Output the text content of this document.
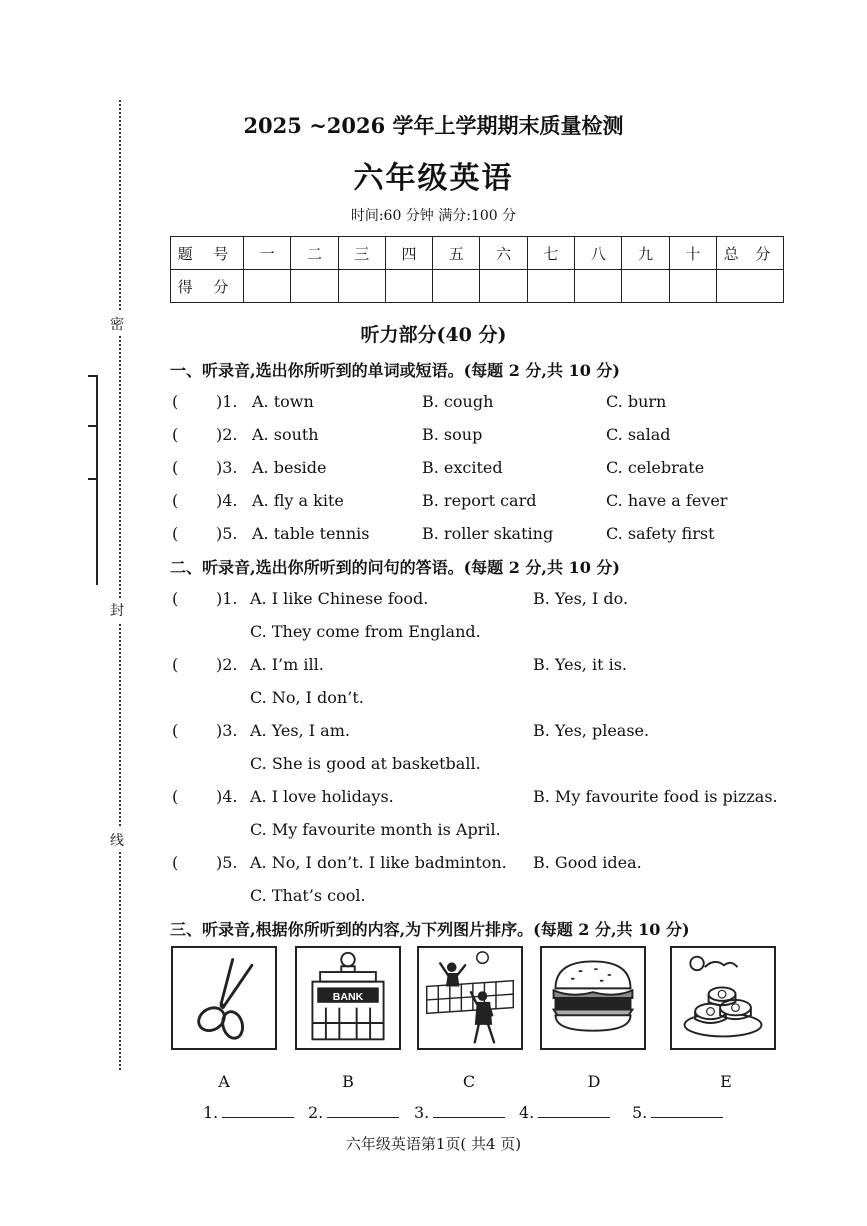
密
封
线
2025 ~2026 学年上学期期末质量检测
六年级英语
时间:60 分钟 满分:100 分
题 号	一	二	三	四	五	六	七	八	九	十	总 分
得 分											
听力部分(40 分)
一、听录音,选出你所听到的单词或短语。(每题 2 分,共 10 分)
( )1. A. town	B. cough	C. burn
( )2. A. south	B. soup	C. salad
( )3. A. beside	B. excited	C. celebrate
( )4. A. fly a kite	B. report card	C. have a fever
( )5. A. table tennis	B. roller skating	C. safety first
二、听录音,选出你所听到的问句的答语。(每题 2 分,共 10 分)
( )1. A. I like Chinese food.	B. Yes, I do.
C. They come from England.
( )2. A. I’m ill.	B. Yes, it is.
C. No, I don’t.
( )3. A. Yes, I am.	B. Yes, please.
C. She is good at basketball.
( )4. A. I love holidays.	B. My favourite food is pizzas.
C. My favourite month is April.
( )5. A. No, I don’t. I like badminton. B. Good idea.
C. That’s cool.
三、听录音,根据你所听到的内容,为下列图片排序。(每题 2 分,共 10 分)
BANK
A	B	C	D	E
1.	2.	3.	4.	5.
六年级英语第1页( 共4 页)
